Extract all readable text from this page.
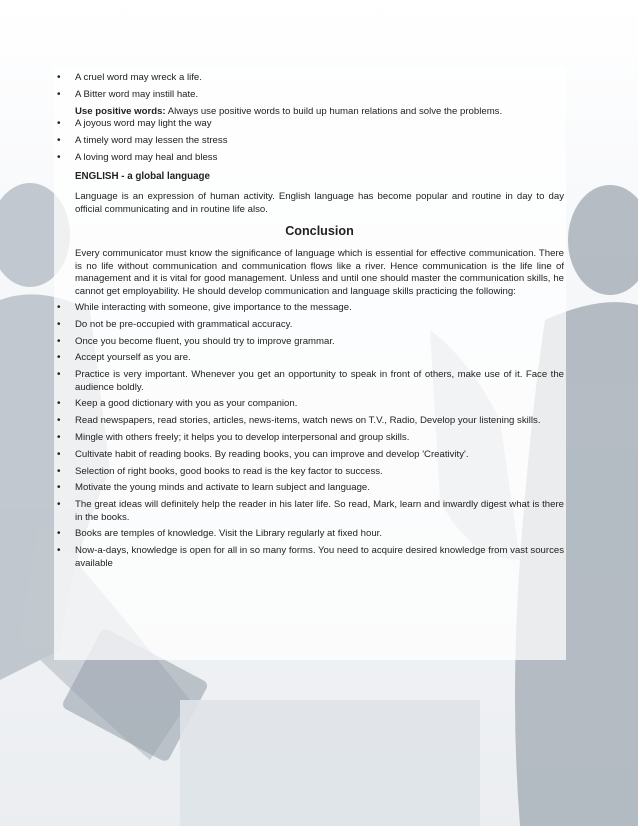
• A cruel word may wreck a life.
• A Bitter word may instill hate.
Use positive words: Always use positive words to build up human relations and solve the problems.
• A joyous word may light the way
• A timely word may lessen the stress
• A loving word may heal and bless
ENGLISH - a global language
Language is an expression of human activity. English language has become popular and routine in day to day official communicating and in routine life also.
Conclusion
Every communicator must know the significance of language which is essential for effective communication. There is no life without communication and communication flows like a river. Hence communication is the life line of management and it is vital for good management. Unless and until one should master the communication skills, he cannot get employability. He should develop communication and language skills practicing the following:
• While interacting with someone, give importance to the message.
• Do not be pre-occupied with grammatical accuracy.
• Once you become fluent, you should try to improve grammar.
• Accept yourself as you are.
• Practice is very important. Whenever you get an opportunity to speak in front of others, make use of it. Face the audience boldly.
• Keep a good dictionary with you as your companion.
• Read newspapers, read stories, articles, news-items, watch news on T.V., Radio, Develop your listening skills.
• Mingle with others freely; it helps you to develop interpersonal and group skills.
• Cultivate habit of reading books. By reading books, you can improve and develop 'Creativity'.
• Selection of right books, good books to read is the key factor to success.
• Motivate the young minds and activate to learn subject and language.
• The great ideas will definitely help the reader in his later life. So read, Mark, learn and inwardly digest what is there in the books.
• Books are temples of knowledge. Visit the Library regularly at fixed hour.
• Now-a-days, knowledge is open for all in so many forms. You need to acquire desired knowledge from vast sources available
